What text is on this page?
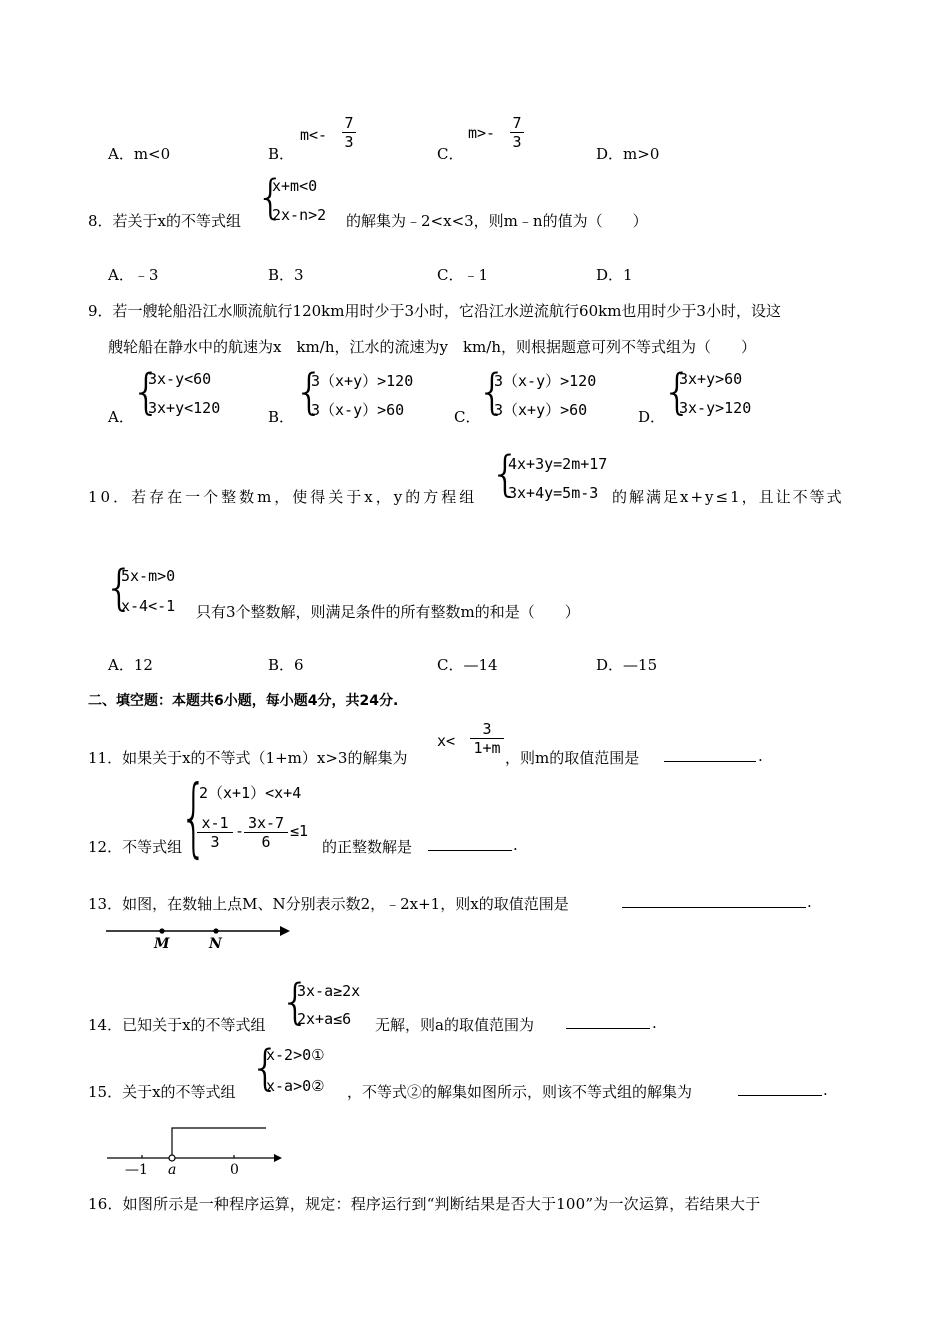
A．m<0	B．
$m<- \frac{7}{3}$
C．
$m>- \frac{7}{3}$
D．m>0
8．若关于x的不等式组 {
x+m<0
2x-n>2 的解集为﹣2<x<3，则m﹣n的值为（　　）
A．﹣3	B．3	C．﹣1	D．1
9．若一艘轮船沿江水顺流航行120km用时少于3小时，它沿江水逆流航行60km也用时少于3小时，设这
艘轮船在静水中的航速为x　km/h，江水的流速为y　km/h，则根据题意可列不等式组为（　　）
A．
{
3x-y<60
3x+y<120	B． {
3（x+y）>120
3（x-y）>60	C．
{
3（x-y）>120
3（x+y）>60	D．
{
3x+y>60
3x-y>120
10．若存在一个整数m，使得关于x，y的方程组 {
4x+3y=2m+17
3x+4y=5m-3 的解满足x+y≤1，且让不等式
{
5x-m>0
x-4<-1 只有3个整数解，则满足条件的所有整数m的和是（　　）
A．12	B．6	C．—14	D．—15
二、填空题：本题共6小题，每小题4分，共24分.
11．如果关于x的不等式（1+m）x>3的解集为
$x< \frac{3}{1+m}$
，则m的取值范围是	.
12．不等式组
{
2（x+1）<x+4
$\frac{x-1}{3} - \frac{3x-7}{6} \le 1$
的正整数解是	.
13．如图，在数轴上点M、N分别表示数2，﹣2x+1，则x的取值范围是	.
M	N
14．已知关于x的不等式组 {
3x-a≥2x
2x+a≤6 无解，则a的取值范围为	.
15．关于x的不等式组 {
x-2>0①
x-a>0② ，不等式②的解集如图所示，则该不等式组的解集为	.
—1 a	0
16．如图所示是一种程序运算，规定：程序运行到“判断结果是否大于100”为一次运算，若结果大于
